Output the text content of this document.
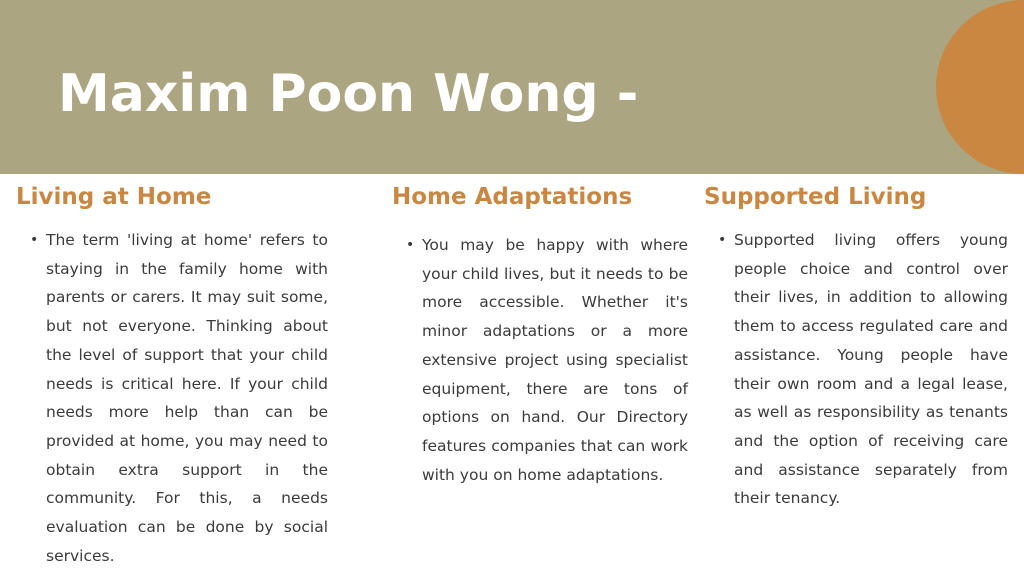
Maxim Poon Wong -
Living at Home
• The term 'living at home' refers to staying in the family home with parents or carers. It may suit some, but not everyone. Thinking about the level of support that your child needs is critical here. If your child needs more help than can be provided at home, you may need to obtain extra support in the community. For this, a needs evaluation can be done by social services.
Home Adaptations
• You may be happy with where your child lives, but it needs to be more accessible. Whether it's minor adaptations or a more extensive project using specialist equipment, there are tons of options on hand. Our Directory features companies that can work with you on home adaptations.
Supported Living
• Supported living offers young people choice and control over their lives, in addition to allowing them to access regulated care and assistance. Young people have their own room and a legal lease, as well as responsibility as tenants and the option of receiving care and assistance separately from their tenancy.
